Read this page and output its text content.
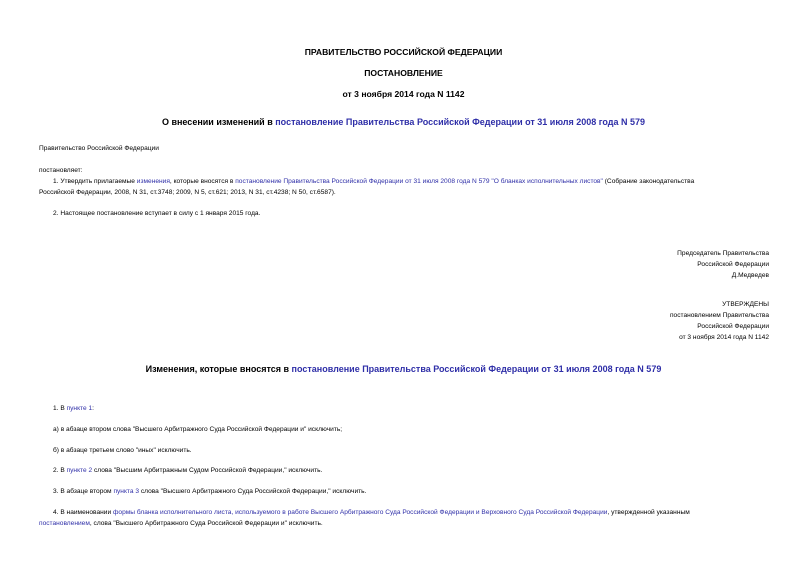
ПРАВИТЕЛЬСТВО РОССИЙСКОЙ ФЕДЕРАЦИИ
ПОСТАНОВЛЕНИЕ
от 3 ноября 2014 года N 1142
О внесении изменений в постановление Правительства Российской Федерации от 31 июля 2008 года N 579
Правительство Российской Федерации
постановляет:
1. Утвердить прилагаемые изменения, которые вносятся в постановление Правительства Российской Федерации от 31 июля 2008 года N 579 "О бланках исполнительных листов" (Собрание законодательства
Российской Федерации, 2008, N 31, ст.3748; 2009, N 5, ст.621; 2013, N 31, ст.4238; N 50, ст.6587).
2. Настоящее постановление вступает в силу с 1 января 2015 года.
Председатель Правительства
Российской Федерации
Д.Медведев
УТВЕРЖДЕНЫ
постановлением Правительства
Российской Федерации
от 3 ноября 2014 года N 1142
Изменения, которые вносятся в постановление Правительства Российской Федерации от 31 июля 2008 года N 579
1. В пункте 1:
а) в абзаце втором слова "Высшего Арбитражного Суда Российской Федерации и" исключить;
б) в абзаце третьем слово "иных" исключить.
2. В пункте 2 слова "Высшим Арбитражным Судом Российской Федерации," исключить.
3. В абзаце втором пункта 3 слова "Высшего Арбитражного Суда Российской Федерации," исключить.
4. В наименовании формы бланка исполнительного листа, используемого в работе Высшего Арбитражного Суда Российской Федерации и Верховного Суда Российской Федерации, утвержденной указанным
постановлением, слова "Высшего Арбитражного Суда Российской Федерации и" исключить.
